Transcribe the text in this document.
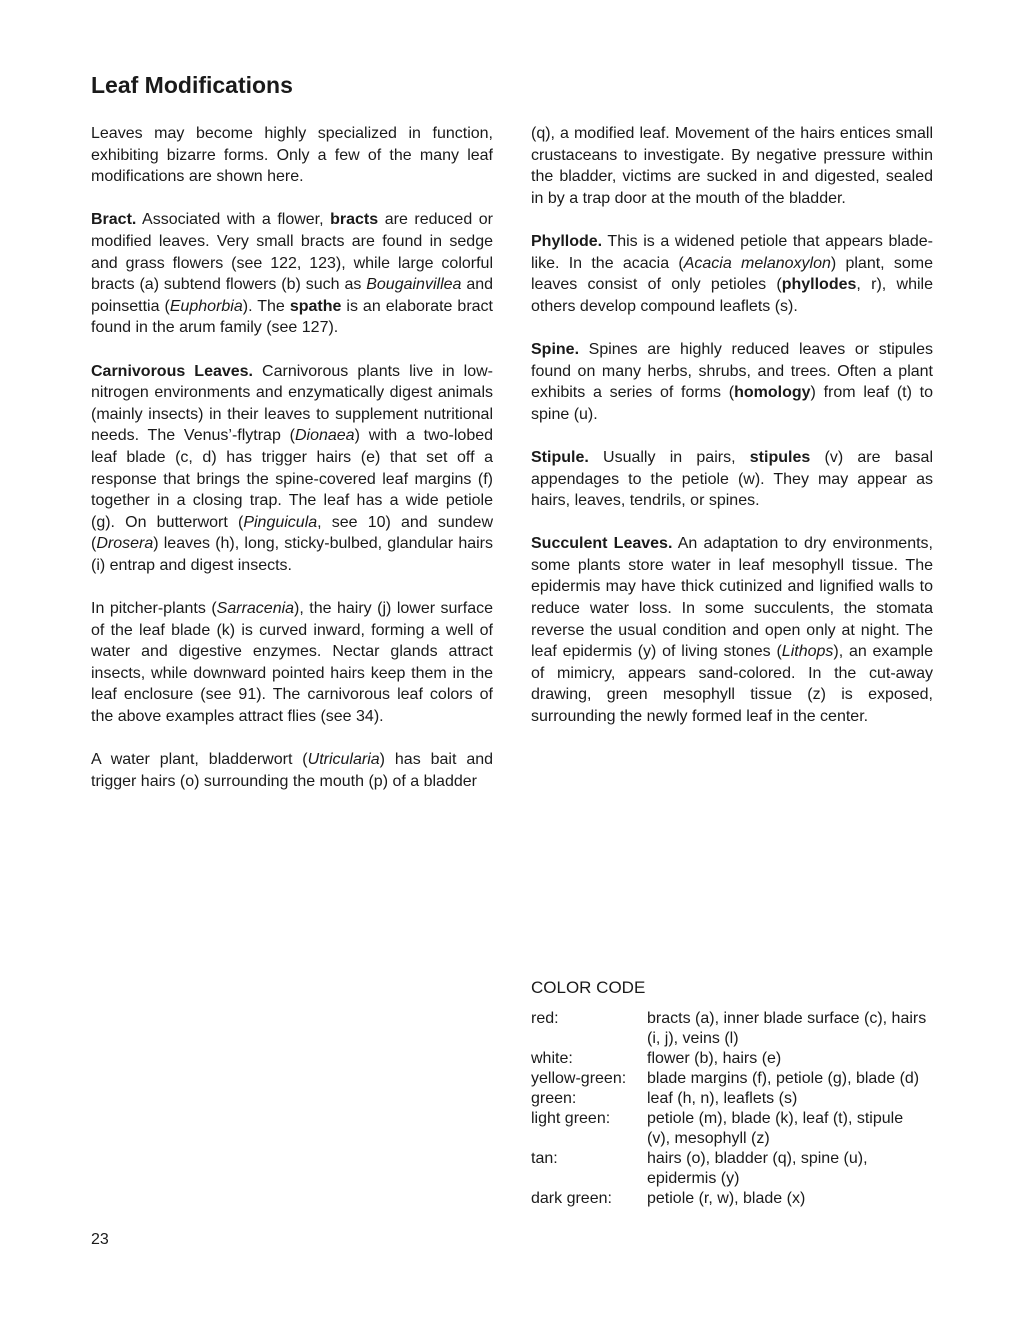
Leaf Modifications

Leaves may become highly specialized in function, exhibiting bizarre forms. Only a few of the many leaf modifications are shown here.

Bract. Associated with a flower, bracts are reduced or modified leaves. Very small bracts are found in sedge and grass flowers (see 122, 123), while large colorful bracts (a) subtend flowers (b) such as Bougainvillea and poinsettia (Euphorbia). The spathe is an elaborate bract found in the arum family (see 127).

Carnivorous Leaves. Carnivorous plants live in low-nitrogen environments and enzymatically digest animals (mainly insects) in their leaves to supplement nutritional needs. The Venus’-flytrap (Dionaea) with a two-lobed leaf blade (c, d) has trigger hairs (e) that set off a response that brings the spine-covered leaf margins (f) together in a closing trap. The leaf has a wide petiole (g). On butterwort (Pinguicula, see 10) and sundew (Drosera) leaves (h), long, sticky-bulbed, glandular hairs (i) entrap and digest insects.

In pitcher-plants (Sarracenia), the hairy (j) lower surface of the leaf blade (k) is curved inward, forming a well of water and digestive enzymes. Nectar glands attract insects, while downward pointed hairs keep them in the leaf enclosure (see 91). The carnivorous leaf colors of the above examples attract flies (see 34).

A water plant, bladderwort (Utricularia) has bait and trigger hairs (o) surrounding the mouth (p) of a bladder

(q), a modified leaf. Movement of the hairs entices small crustaceans to investigate. By negative pressure within the bladder, victims are sucked in and digested, sealed in by a trap door at the mouth of the bladder.

Phyllode. This is a widened petiole that appears blade-like. In the acacia (Acacia melanoxylon) plant, some leaves consist of only petioles (phyllodes, r), while others develop compound leaflets (s).

Spine. Spines are highly reduced leaves or stipules found on many herbs, shrubs, and trees. Often a plant exhibits a series of forms (homology) from leaf (t) to spine (u).

Stipule. Usually in pairs, stipules (v) are basal appendages to the petiole (w). They may appear as hairs, leaves, tendrils, or spines.

Succulent Leaves. An adaptation to dry environments, some plants store water in leaf mesophyll tissue. The epidermis may have thick cutinized and lignified walls to reduce water loss. In some succulents, the stomata reverse the usual condition and open only at night. The leaf epidermis (y) of living stones (Lithops), an example of mimicry, appears sand-colored. In the cut-away drawing, green mesophyll tissue (z) is exposed, surrounding the newly formed leaf in the center.

COLOR CODE
red:	bracts (a), inner blade surface (c), hairs (i, j), veins (l)
white:	flower (b), hairs (e)
yellow-green:	blade margins (f), petiole (g), blade (d)
green:	leaf (h, n), leaflets (s)
light green:	petiole (m), blade (k), leaf (t), stipule (v), mesophyll (z)
tan:	hairs (o), bladder (q), spine (u), epidermis (y)
dark green:	petiole (r, w), blade (x)
23
